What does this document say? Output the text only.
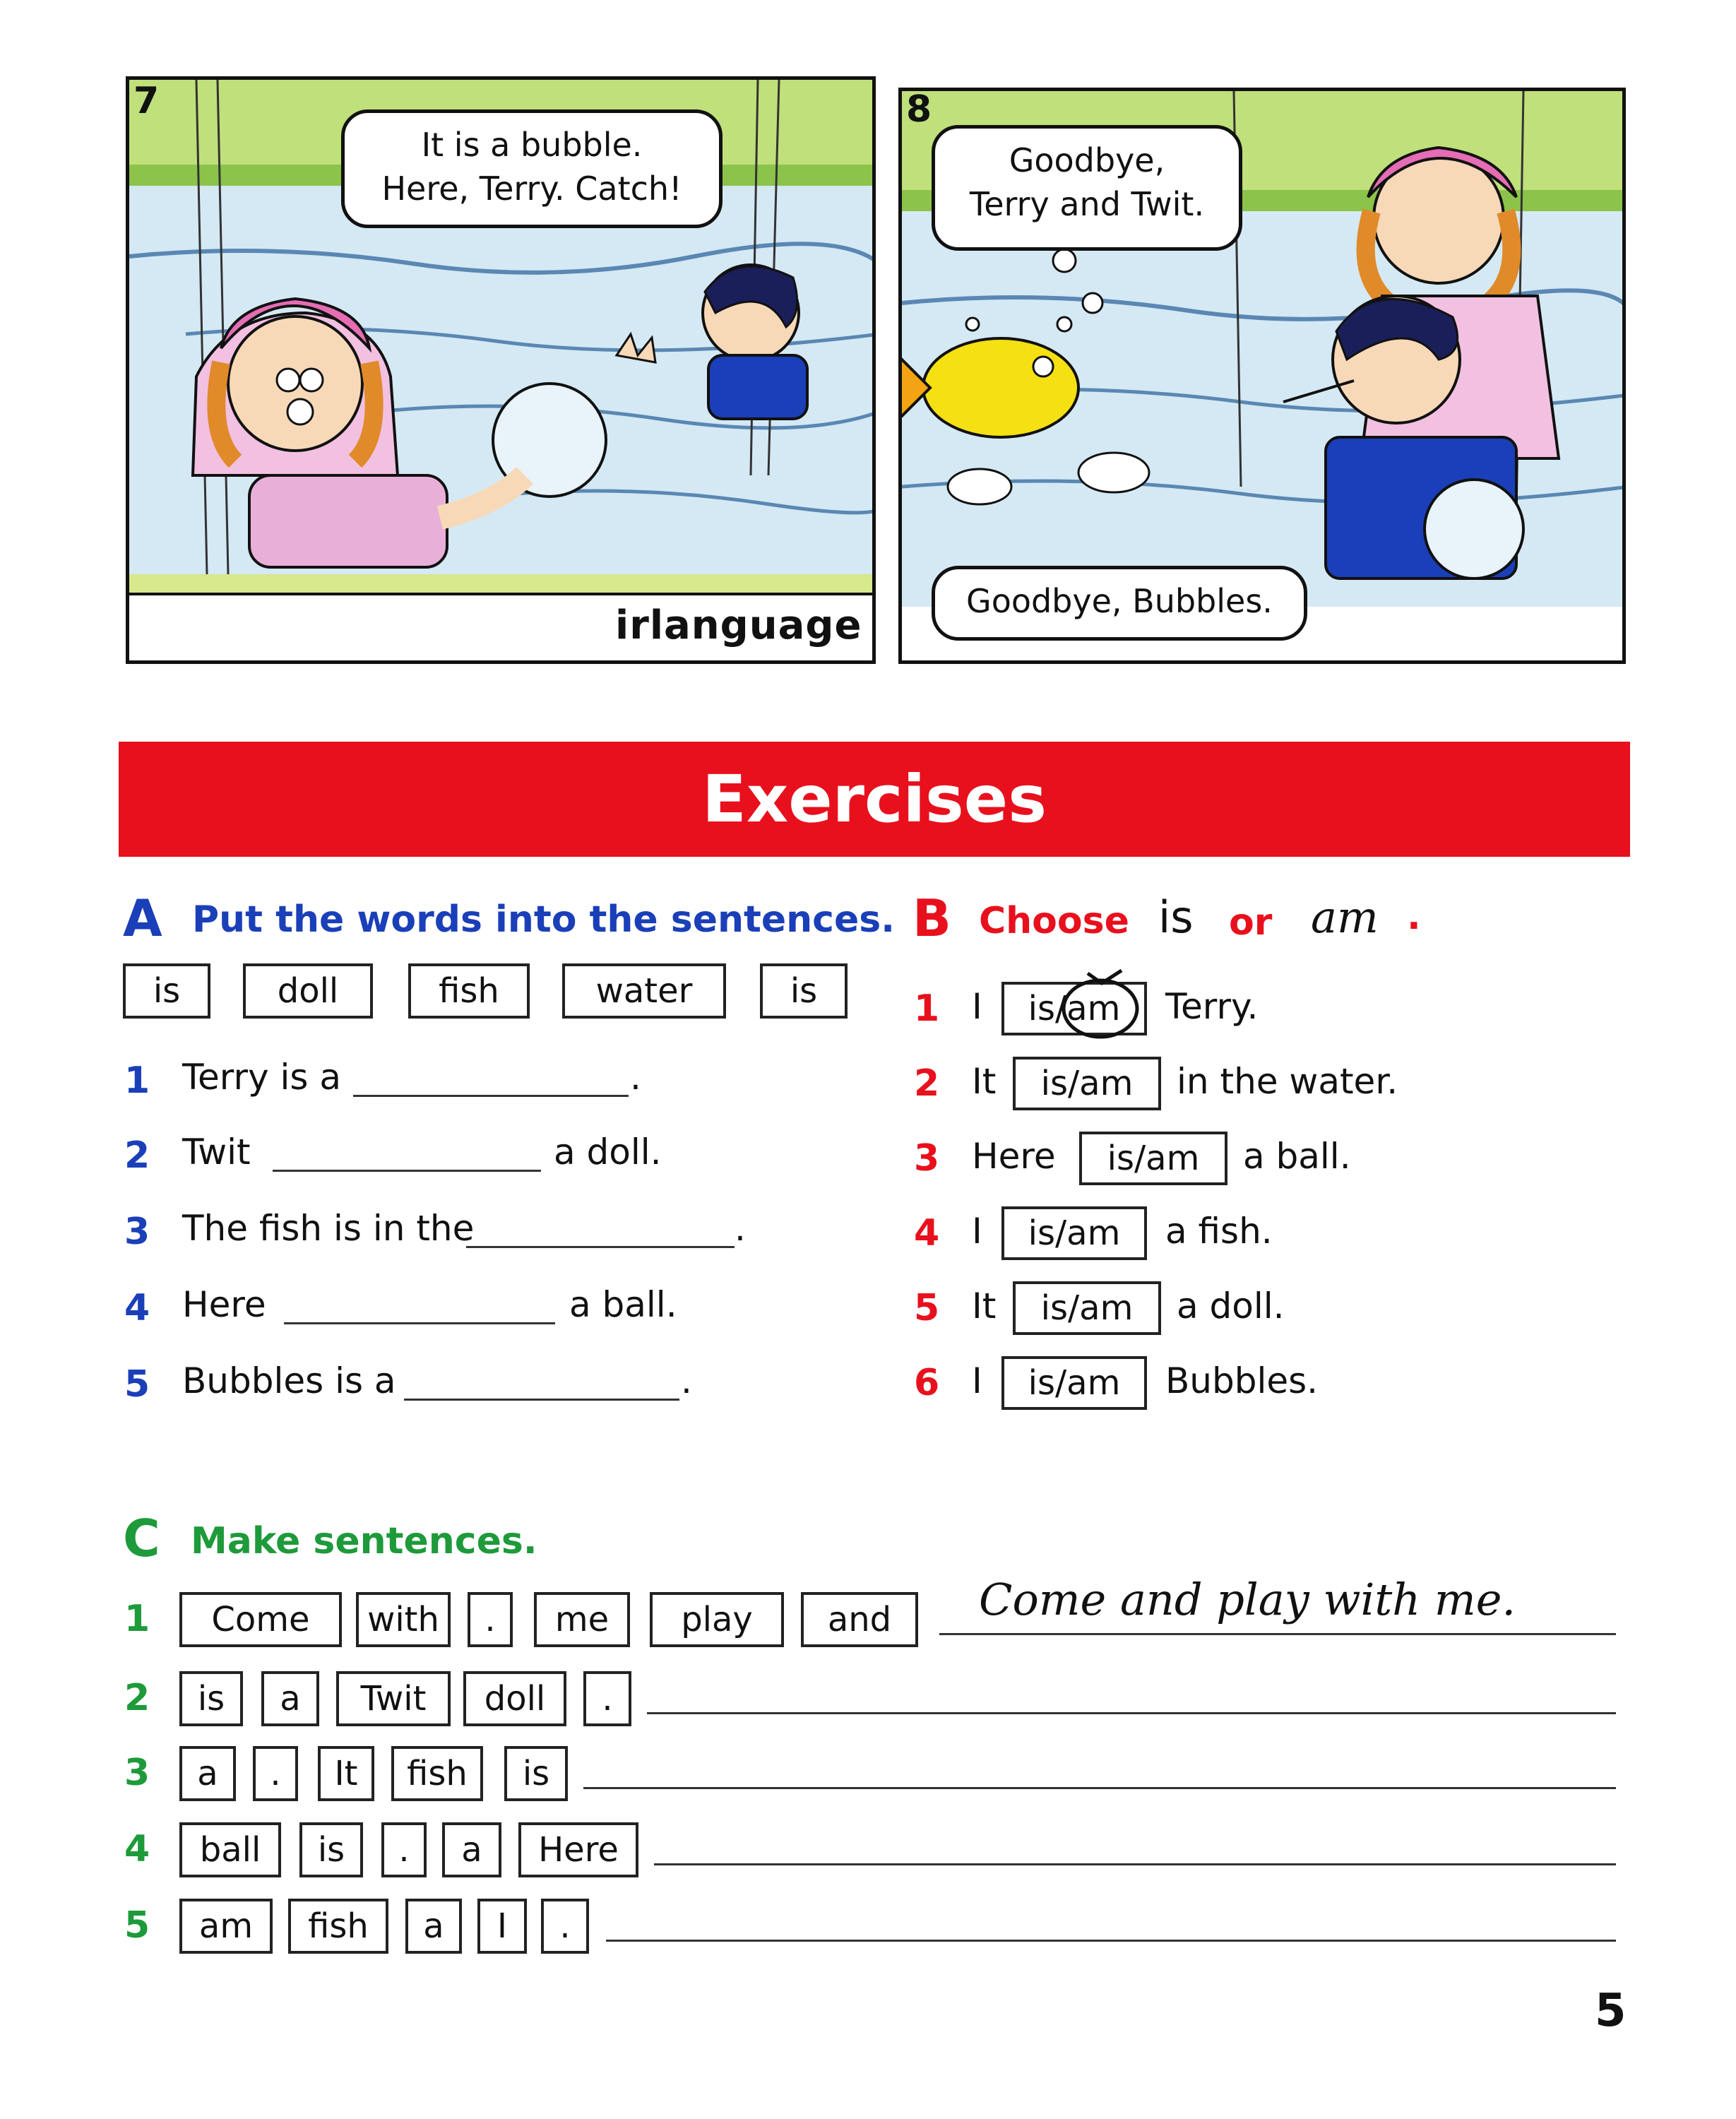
7
It is a bubble.
Here, Terry. Catch!
irlanguage
8
Goodbye,
Terry and Twit.
Goodbye, Bubbles.
Exercises
A Put the words into the sentences.
is	doll	fish	water	is
1 Terry is a	.
2 Twit	a doll.
3 The fish is in the	.
4 Here	a ball.
5 Bubbles is a	.
B Choose is or am .
1 I	is/am	Terry.
2 It	is/am	in the water.
3 Here	is/am	a ball.
4 I	is/am	a fish.
5 It	is/am	a doll.
6 I	is/am	Bubbles.
C Make sentences.
1	Come	with	.	me	play	and	Come and play with me.
2	is	a	Twit	doll	.
3	a	.	It	fish	is
4	ball	is	.	a	Here
5	am	fish	a	I	.
5
